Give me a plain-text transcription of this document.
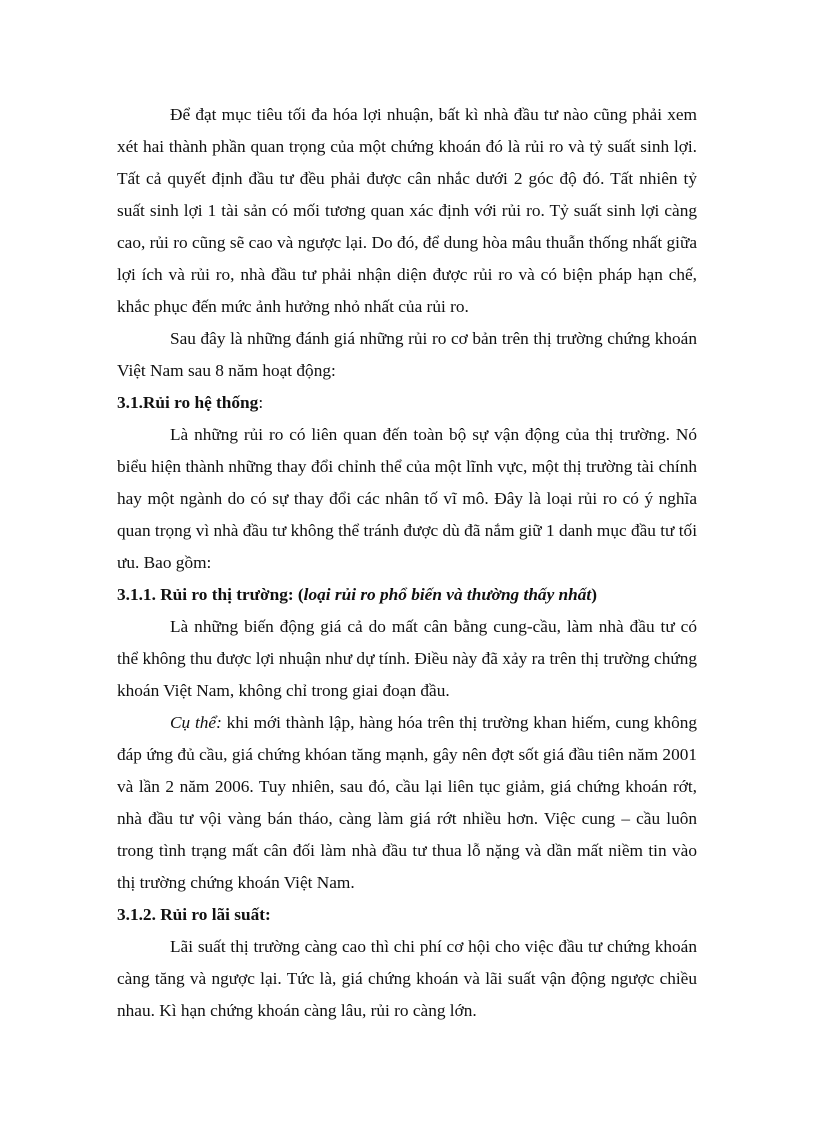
Để đạt mục tiêu tối đa hóa lợi nhuận, bất kì nhà đầu tư nào cũng phải xem xét hai thành phần quan trọng của một chứng khoán đó là rủi ro và tỷ suất sinh lợi. Tất cả quyết định đầu tư đều phải được cân nhắc dưới 2 góc độ đó. Tất nhiên tỷ suất sinh lợi 1 tài sản có mối tương quan xác định với rủi ro. Tỷ suất sinh lợi càng cao, rủi ro cũng sẽ cao và ngược lại. Do đó, để dung hòa mâu thuẫn thống nhất giữa lợi ích và rủi ro, nhà đầu tư phải nhận diện được rủi ro và có biện pháp hạn chế, khắc phục đến mức ảnh hưởng nhỏ nhất của rủi ro.

Sau đây là những đánh giá những rủi ro cơ bản trên thị trường chứng khoán Việt Nam sau 8 năm hoạt động:

3.1.Rủi ro hệ thống:

Là những rủi ro có liên quan đến toàn bộ sự vận động của thị trường. Nó biểu hiện thành những thay đổi chỉnh thể của một lĩnh vực, một thị trường tài chính hay một ngành do có sự thay đổi các nhân tố vĩ mô. Đây là loại rủi ro có ý nghĩa quan trọng vì nhà đầu tư không thể tránh được dù đã nắm giữ 1 danh mục đầu tư tối ưu. Bao gồm:

3.1.1. Rủi ro thị trường: (loại rủi ro phổ biến và thường thấy nhất)

Là những biến động giá cả do mất cân bằng cung-cầu, làm nhà đầu tư có thể không thu được lợi nhuận như dự tính. Điều này đã xảy ra trên thị trường chứng khoán Việt Nam, không chỉ trong giai đoạn đầu.

Cụ thể: khi mới thành lập, hàng hóa trên thị trường khan hiếm, cung không đáp ứng đủ cầu, giá chứng khóan tăng mạnh, gây nên đợt sốt giá đầu tiên năm 2001 và lần 2 năm 2006. Tuy nhiên, sau đó, cầu lại liên tục giảm, giá chứng khoán rớt, nhà đầu tư vội vàng bán tháo, càng làm giá rớt nhiều hơn. Việc cung – cầu luôn trong tình trạng mất cân đối làm nhà đầu tư thua lỗ nặng và dần mất niềm tin vào thị trường chứng khoán Việt Nam.

3.1.2. Rủi ro lãi suất:

Lãi suất thị trường càng cao thì chi phí cơ hội cho việc đầu tư chứng khoán càng tăng và ngược lại. Tức là, giá chứng khoán và lãi suất vận động ngược chiều nhau. Kì hạn chứng khoán càng lâu, rủi ro càng lớn.
